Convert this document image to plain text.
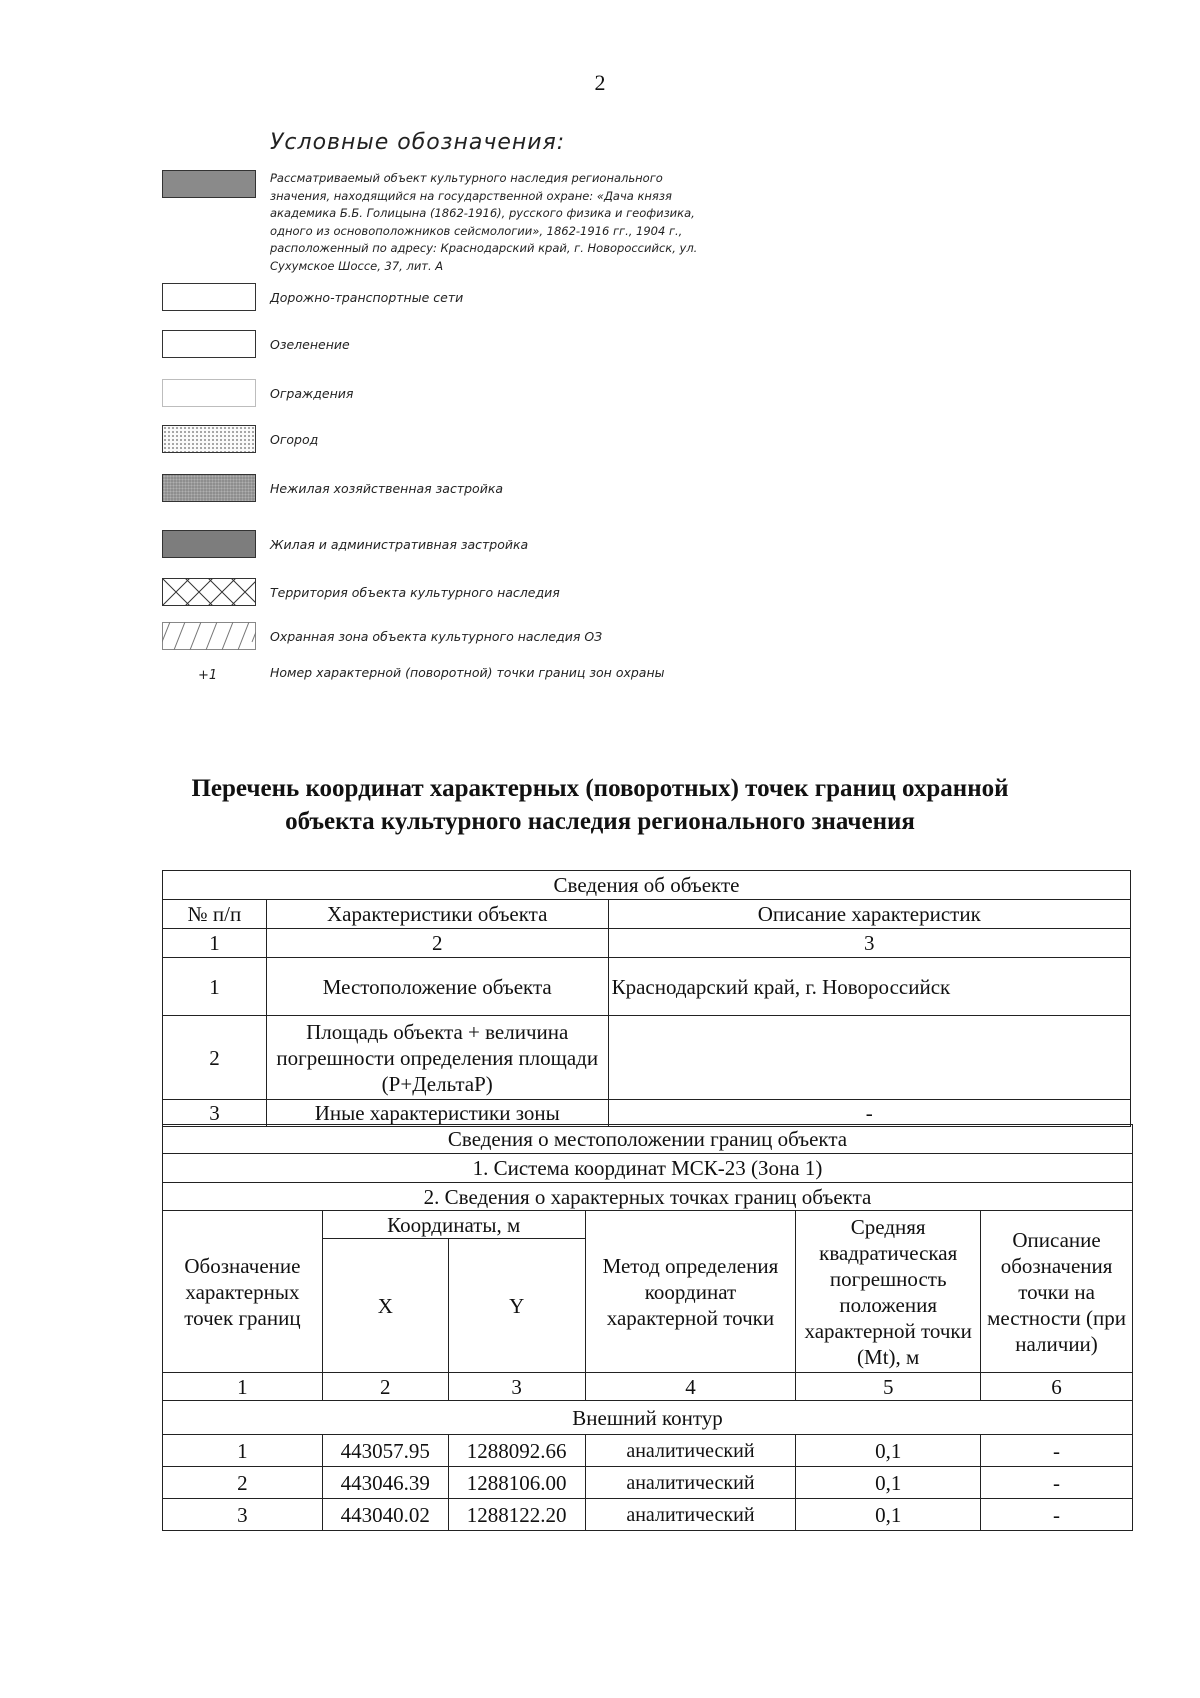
2
Условные обозначения:
Рассматриваемый объект культурного наследия регионального значения, находящийся на государственной охране: «Дача князя академика Б.Б. Голицына (1862-1916), русского физика и геофизика, одного из основоположников сейсмологии», 1862-1916 гг., 1904 г., расположенный по адресу: Краснодарский край, г. Новороссийск, ул. Сухумское Шоссе, 37, лит. А
Дорожно-транспортные сети
Озеленение
Ограждения
Огород
Нежилая хозяйственная застройка
Жилая и административная застройка
Территория объекта культурного наследия
Охранная зона объекта культурного наследия ОЗ
+1	Номер характерной (поворотной) точки границ зон охраны
Перечень координат характерных (поворотных) точек границ охранной
объекта культурного наследия регионального значения
Сведения об объекте		
№ п/п	Характеристики объекта	Описание характеристик
1	2	3
1	Местоположение объекта	Краснодарский край, г. Новороссийск
2	Площадь объекта + величина погрешности определения площади (Р+ДельтаР)	
3	Иные характеристики зоны	-
Сведения о местоположении границ объекта					
1. Система координат МСК-23 (Зона 1)					
2. Сведения о характерных точках границ объекта					
Обозначение характерных точек границ	Координаты, м		Метод определения координат характерной точки	Средняя квадратическая погрешность положения характерной точки (Mt), м	Описание обозначения точки на местности (при наличии)
	X	Y			
1	2	3	4	5	6
Внешний контур					
1	443057.95	1288092.66	аналитический	0,1	-
2	443046.39	1288106.00	аналитический	0,1	-
3	443040.02	1288122.20	аналитический	0,1	-
